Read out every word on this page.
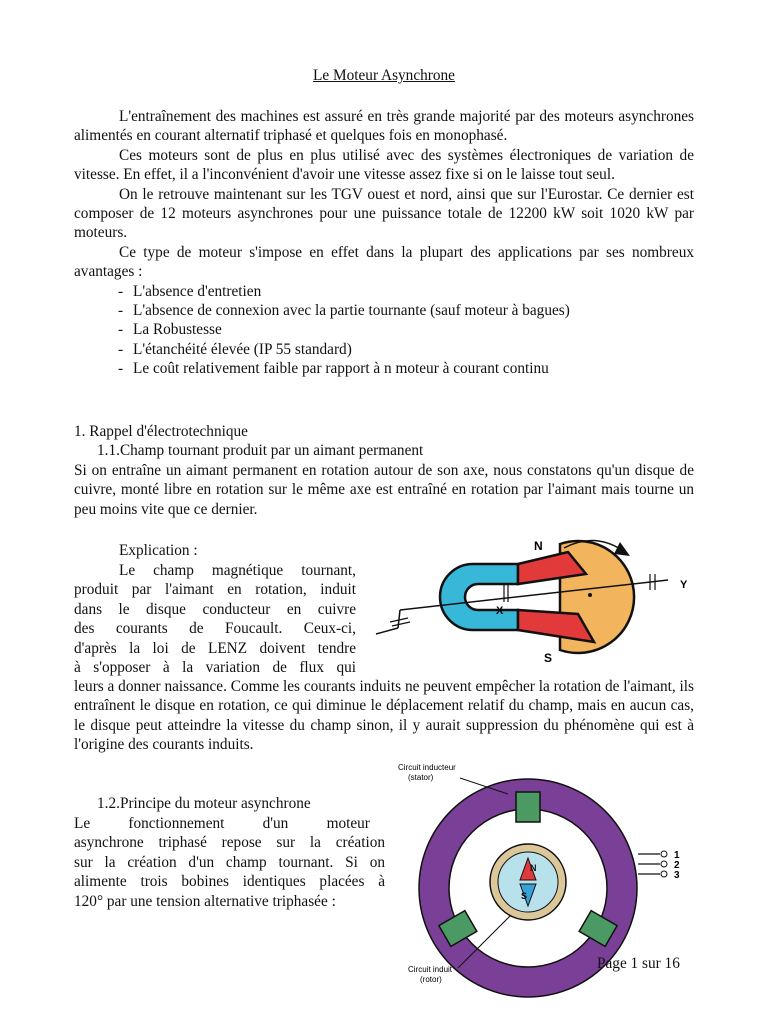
Le Moteur Asynchrone

L'entraînement des machines est assuré en très grande majorité par des moteurs asynchrones alimentés en courant alternatif triphasé et quelques fois en monophasé.

Ces moteurs sont de plus en plus utilisé avec des systèmes électroniques de variation de vitesse. En effet, il a l'inconvénient d'avoir une vitesse assez fixe si on le laisse tout seul.

On le retrouve maintenant sur les TGV ouest et nord, ainsi que sur l'Eurostar. Ce dernier est composer de 12 moteurs asynchrones pour une puissance totale de 12200 kW soit 1020 kW par moteurs.

Ce type de moteur s'impose en effet dans la plupart des applications par ses nombreux avantages :

- L'absence d'entretien
- L'absence de connexion avec la partie tournante (sauf moteur à bagues)
- La Robustesse
- L'étanchéité élevée (IP 55 standard)
- Le coût relativement faible par rapport à n moteur à courant continu
1. Rappel d'électrotechnique
1.1.Champ tournant produit par un aimant permanent

Si on entraîne un aimant permanent en rotation autour de son axe, nous constatons qu'un disque de cuivre, monté libre en rotation sur le même axe est entraîné en rotation par l'aimant mais tourne un peu moins vite que ce dernier.

Explication :
Le champ magnétique tournant,
produit par l'aimant en rotation, induit
dans le disque conducteur en cuivre
des courants de Foucault. Ceux-ci,
d'après la loi de LENZ doivent tendre
à s'opposer à la variation de flux qui

leurs a donner naissance. Comme les courants induits ne peuvent empêcher la rotation de l'aimant, ils entraînent le disque en rotation, ce qui diminue le déplacement relatif du champ, mais en aucun cas, le disque peut atteindre la vitesse du champ sinon, il y aurait suppression du phénomène qui est à l'origine des courants induits.

1.2.Principe du moteur asynchrone
Le          fonctionnement          d'un          moteur
asynchrone triphasé repose sur la création
sur la création d'un champ tournant. Si on
alimente trois bobines identiques placées à
120° par une tension alternative triphasée :
N
S
X
Y
N
S
1
2
3
Circuit inducteur
(stator)
Circuit induit
(rotor)
Page 1 sur 16
